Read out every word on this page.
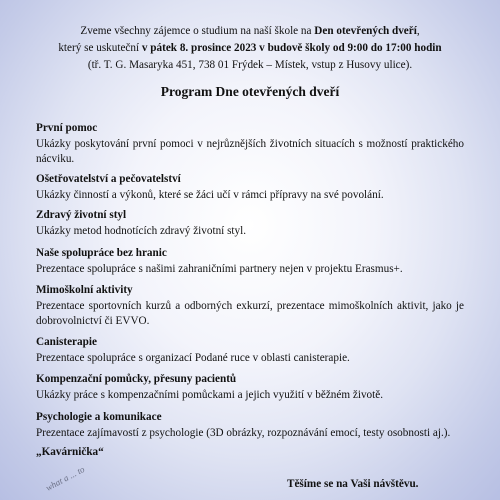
Zveme všechny zájemce o studium na naší škole na Den otevřených dveří,
který se uskuteční v pátek 8. prosince 2023 v budově školy od 9:00 do 17:00 hodin
(tř. T. G. Masaryka 451, 738 01 Frýdek – Místek, vstup z Husovy ulice).
Program Dne otevřených dveří
První pomoc
Ukázky poskytování první pomoci v nejrůznějších životních situacích s možností praktického nácviku.
Ošetřovatelství a pečovatelství
Ukázky činností a výkonů, které se žáci učí v rámci přípravy na své povolání.
Zdravý životní styl
Ukázky metod hodnotících zdravý životní styl.
Naše spolupráce bez hranic
Prezentace spolupráce s našimi zahraničními partnery nejen v projektu Erasmus+.
Mimoškolní aktivity
Prezentace sportovních kurzů a odborných exkurzí, prezentace mimoškolních aktivit, jako je dobrovolnictví či EVVO.
Canisterapie
Prezentace spolupráce s organizací Podané ruce v oblasti canisterapie.
Kompenzační pomůcky, přesuny pacientů
Ukázky práce s kompenzačními pomůckami a jejich využití v běžném životě.
Psychologie a komunikace
Prezentace zajímavostí z psychologie (3D obrázky, rozpoznávání emocí, testy osobnosti aj.).
„Kavárnička“
Těšíme se na Vaši návštěvu.
what a ... to
